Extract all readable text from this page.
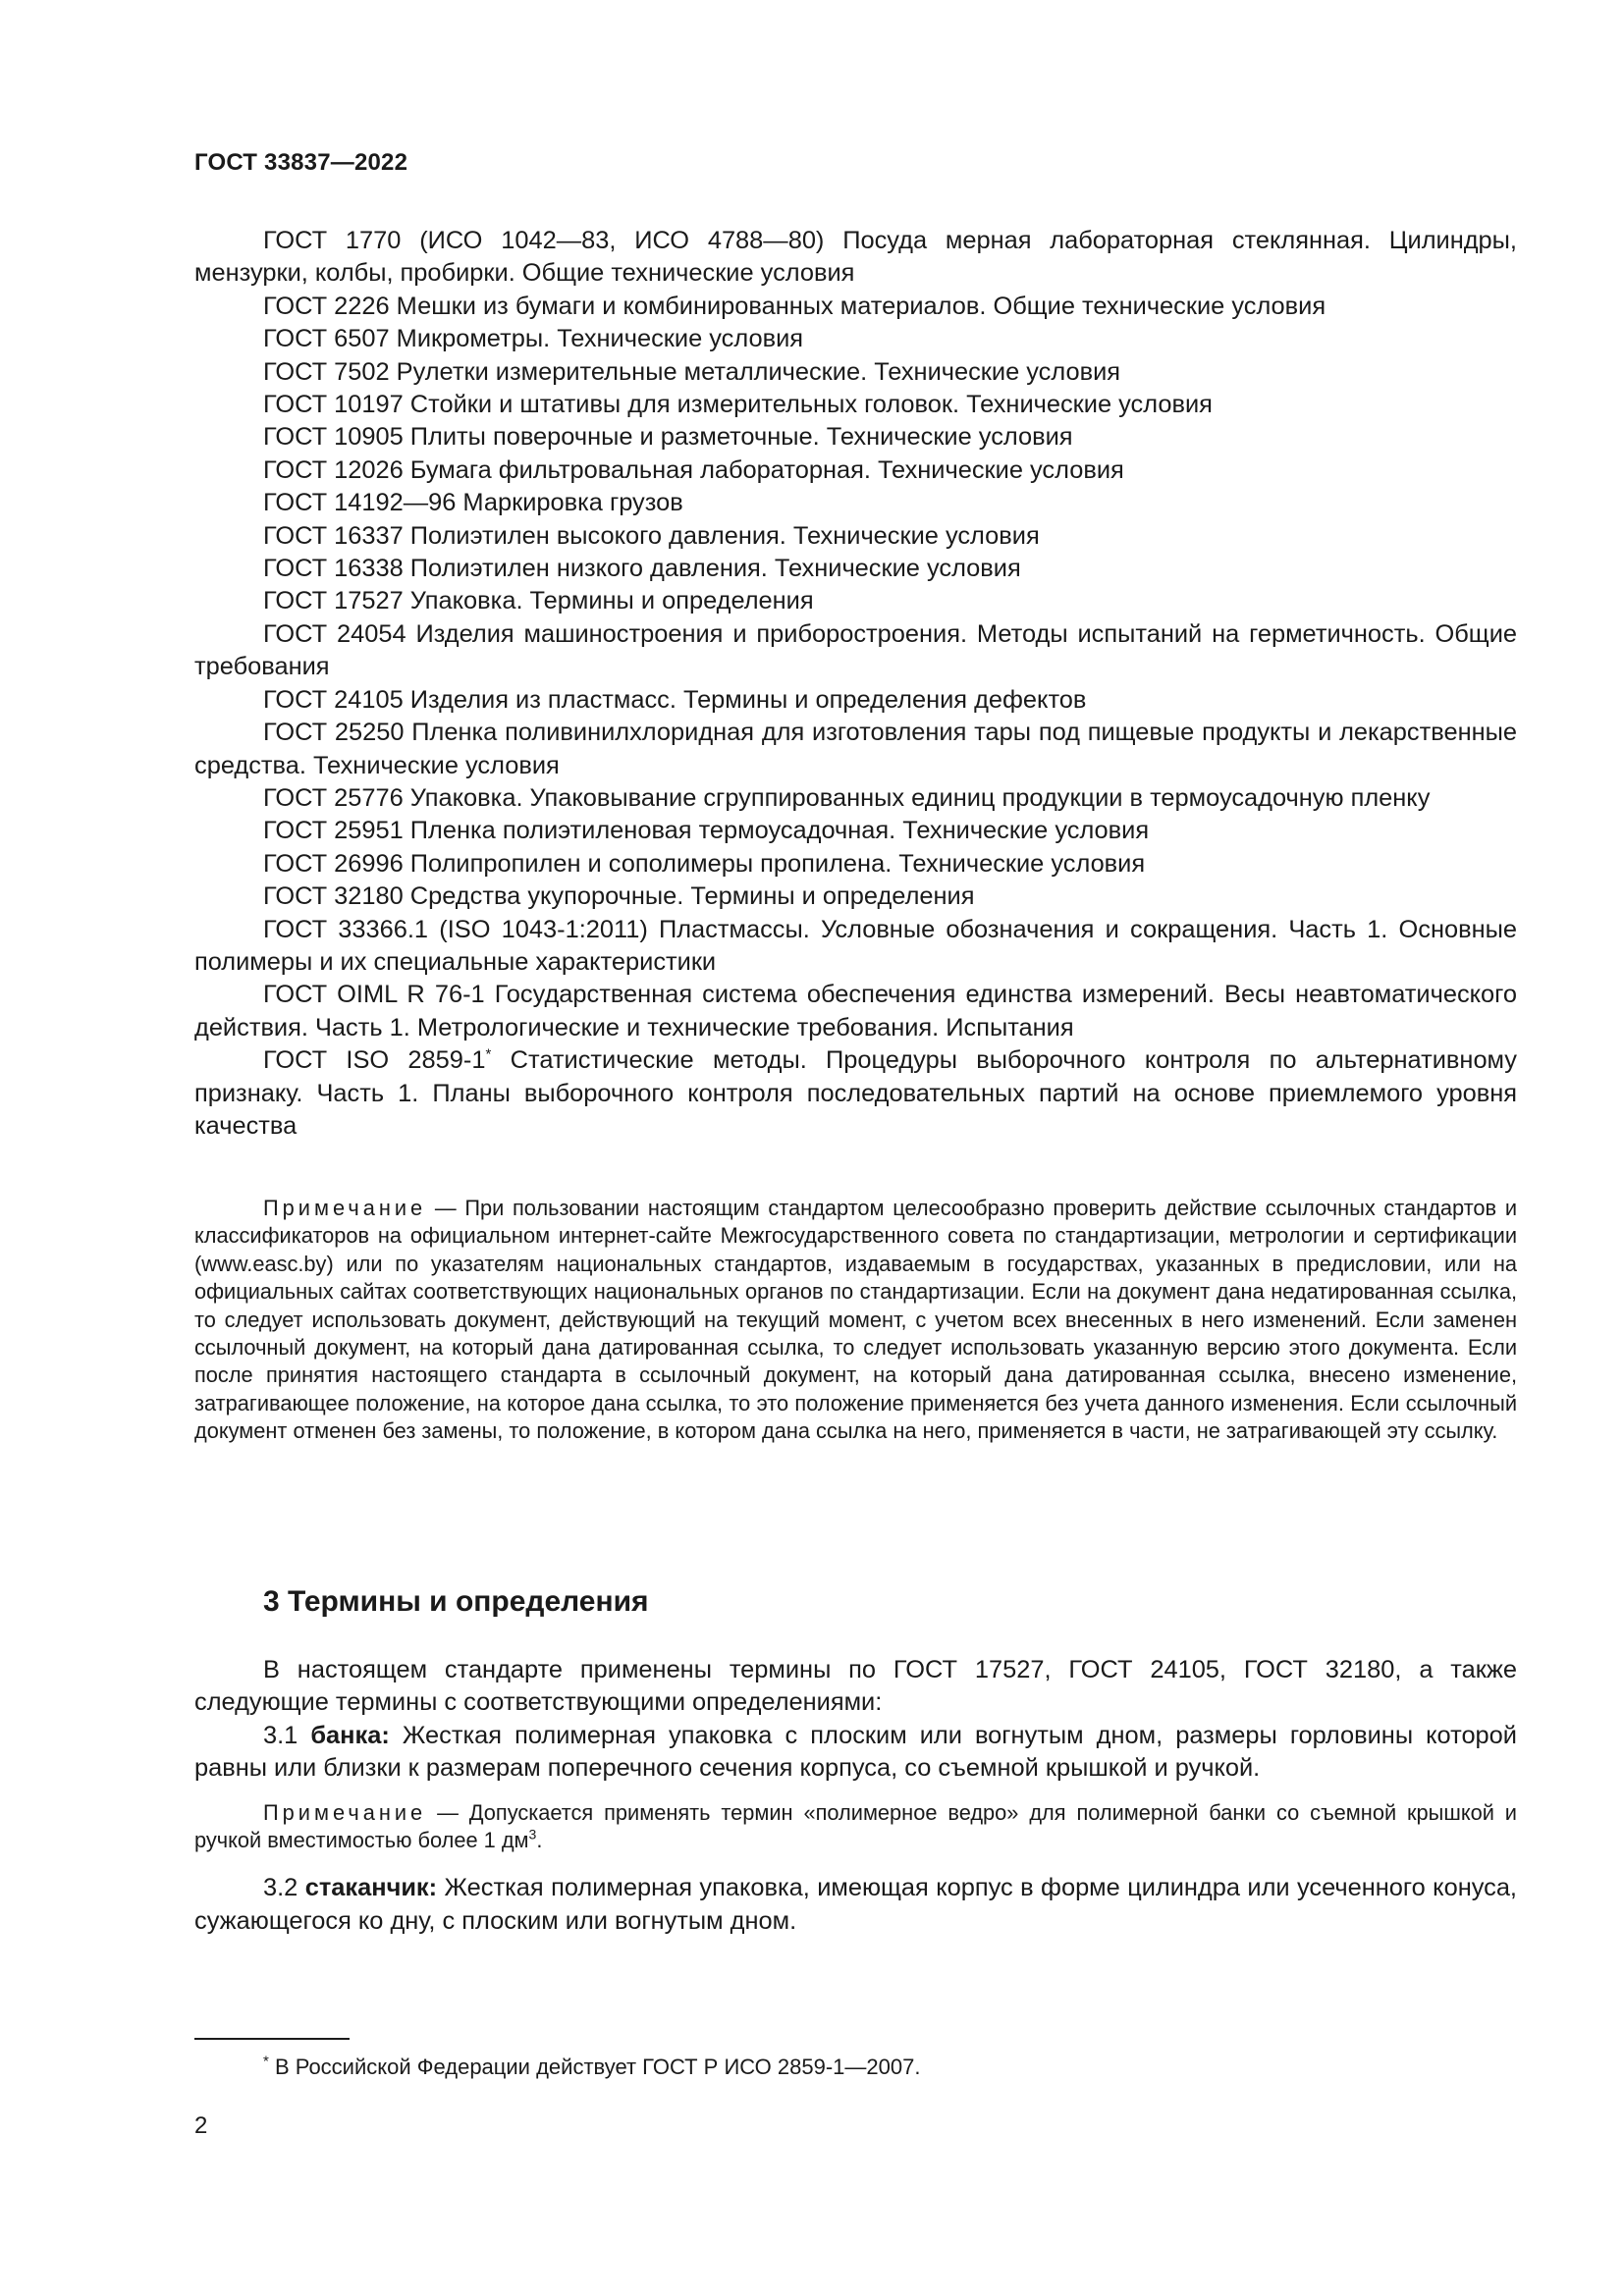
ГОСТ 33837—2022

ГОСТ 1770 (ИСО 1042—83, ИСО 4788—80) Посуда мерная лабораторная стеклянная. Цилиндры, мензурки, колбы, пробирки. Общие технические условия

ГОСТ 2226 Мешки из бумаги и комбинированных материалов. Общие технические условия

ГОСТ 6507 Микрометры. Технические условия

ГОСТ 7502 Рулетки измерительные металлические. Технические условия

ГОСТ 10197 Стойки и штативы для измерительных головок. Технические условия

ГОСТ 10905 Плиты поверочные и разметочные. Технические условия

ГОСТ 12026 Бумага фильтровальная лабораторная. Технические условия

ГОСТ 14192—96 Маркировка грузов

ГОСТ 16337 Полиэтилен высокого давления. Технические условия

ГОСТ 16338 Полиэтилен низкого давления. Технические условия

ГОСТ 17527 Упаковка. Термины и определения

ГОСТ 24054 Изделия машиностроения и приборостроения. Методы испытаний на герметичность. Общие требования

ГОСТ 24105 Изделия из пластмасс. Термины и определения дефектов

ГОСТ 25250 Пленка поливинилхлоридная для изготовления тары под пищевые продукты и лекарственные средства. Технические условия

ГОСТ 25776 Упаковка. Упаковывание сгруппированных единиц продукции в термоусадочную пленку

ГОСТ 25951 Пленка полиэтиленовая термоусадочная. Технические условия

ГОСТ 26996 Полипропилен и сополимеры пропилена. Технические условия

ГОСТ 32180 Средства укупорочные. Термины и определения

ГОСТ 33366.1 (ISO 1043-1:2011) Пластмассы. Условные обозначения и сокращения. Часть 1. Основные полимеры и их специальные характеристики

ГОСТ OIML R 76-1 Государственная система обеспечения единства измерений. Весы неавтоматического действия. Часть 1. Метрологические и технические требования. Испытания

ГОСТ ISO 2859-1* Статистические методы. Процедуры выборочного контроля по альтернативному признаку. Часть 1. Планы выборочного контроля последовательных партий на основе приемлемого уровня качества

Примечание — При пользовании настоящим стандартом целесообразно проверить действие ссылочных стандартов и классификаторов на официальном интернет-сайте Межгосударственного совета по стандартизации, метрологии и сертификации (www.easc.by) или по указателям национальных стандартов, издаваемым в государствах, указанных в предисловии, или на официальных сайтах соответствующих национальных органов по стандартизации. Если на документ дана недатированная ссылка, то следует использовать документ, действующий на текущий момент, с учетом всех внесенных в него изменений. Если заменен ссылочный документ, на который дана датированная ссылка, то следует использовать указанную версию этого документа. Если после принятия настоящего стандарта в ссылочный документ, на который дана датированная ссылка, внесено изменение, затрагивающее положение, на которое дана ссылка, то это положение применяется без учета данного изменения. Если ссылочный документ отменен без замены, то положение, в котором дана ссылка на него, применяется в части, не затрагивающей эту ссылку.

3 Термины и определения

В настоящем стандарте применены термины по ГОСТ 17527, ГОСТ 24105, ГОСТ 32180, а также следующие термины с соответствующими определениями:

3.1 банка: Жесткая полимерная упаковка с плоским или вогнутым дном, размеры горловины которой равны или близки к размерам поперечного сечения корпуса, со съемной крышкой и ручкой.

Примечание — Допускается применять термин «полимерное ведро» для полимерной банки со съемной крышкой и ручкой вместимостью более 1 $дм^3$.

3.2 стаканчик: Жесткая полимерная упаковка, имеющая корпус в форме цилиндра или усеченного конуса, сужающегося ко дну, с плоским или вогнутым дном.

* В Российской Федерации действует ГОСТ Р ИСО 2859-1—2007.

2
